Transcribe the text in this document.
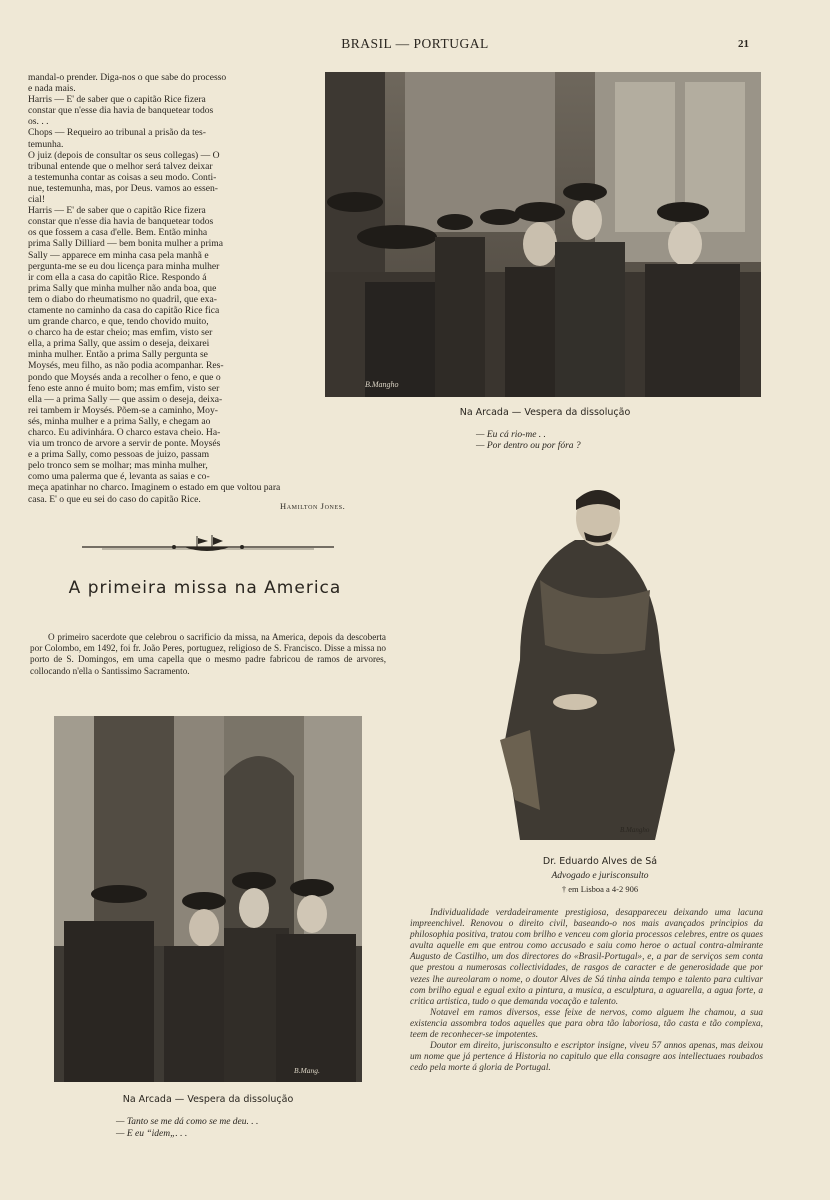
BRASIL — PORTUGAL	21

mandal-o prender. Diga-nos o que sabe do processo

e nada mais.

Harris — E' de saber que o capitão Rice fizera

constar que n'esse dia havia de banquetear todos

os. . .

Chops — Requeiro ao tribunal a prisão da tes-

temunha.

O juiz (depois de consultar os seus collegas) — O

tribunal entende que o melhor será talvez deixar

a testemunha contar as coisas a seu modo. Conti-

nue, testemunha, mas, por Deus. vamos ao essen-

cial!

Harris — E' de saber que o capitão Rice fizera

constar que n'esse dia havia de banquetear todos

os que fossem a casa d'elle. Bem. Então minha

prima Sally Dilliard — bem bonita mulher a prima

Sally — apparece em minha casa pela manhã e

pergunta-me se eu dou licença para minha mulher

ir com ella a casa do capitão Rice. Respondo á

prima Sally que minha mulher não anda boa, que

tem o diabo do rheumatismo no quadril, que exa-

ctamente no caminho da casa do capitão Rice fica

um grande charco, e que, tendo chovido muito,

o charco ha de estar cheio; mas emfim, visto ser

ella, a prima Sally, que assim o deseja, deixarei

minha mulher. Então a prima Sally pergunta se

Moysés, meu filho, as não podia acompanhar. Res-

pondo que Moysés anda a recolher o feno, e que o

feno este anno é muito bom; mas emfim, visto ser

ella — a prima Sally — que assim o deseja, deixa-

rei tambem ir Moysés. Põem-se a caminho, Moy-

sés, minha mulher e a prima Sally, e chegam ao

charco. Eu adivinhára. O charco estava cheio. Ha-

via um tronco de arvore a servir de ponte. Moysés

e a prima Sally, como pessoas de juizo, passam

pelo tronco sem se molhar; mas minha mulher,

como uma palerma que é, levanta as saias e co-

meça apatinhar no charco. Imaginem o estado em que voltou para

casa. E' o que eu sei do caso do capitão Rice.

Hamilton Jones.
A primeira missa na America
O primeiro sacerdote que celebrou o sacrificio da missa, na America, depois da descoberta por Colombo, em 1492, foi fr. João Peres, portuguez, religioso de S. Francisco. Disse a missa no porto de S. Domingos, em uma capella que o mesmo padre fabricou de ramos de arvores, collocando n'ella o Santissimo Sacramento.
B.Mangho
Na Arcada — Vespera da dissolução
— Eu cá rio-me . .
— Por dentro ou por fóra ?
B.Mangho
Dr. Eduardo Alves de Sá
Advogado e jurisconsulto
† em Lisboa a 4-2 906

Individualidade verdadeiramente prestigiosa, desappareceu deixando uma lacuna impreenchivel. Renovou o direito civil, baseando-o nos mais avançados principios da philosophia positiva, tratou com brilho e venceu com gloria processos celebres, entre os quaes avulta aquelle em que entrou como accusado e saiu como heroe o actual contra-almirante Augusto de Castilho, um dos directores do «Brasil-Portugal», e, a par de serviços sem conta que prestou a numerosas collectividades, de rasgos de caracter e de generosidade que por vezes lhe aureolaram o nome, o doutor Alves de Sá tinha ainda tempo e talento para cultivar com brilho egual e egual exito a pintura, a musica, a esculptura, a aguarella, a agua forte, a critica artistica, tudo o que demanda vocação e talento.

Notavel em ramos diversos, esse feixe de nervos, como alguem lhe chamou, a sua existencia assombra todos aquelles que para obra tão laboriosa, tão casta e tão complexa, teem de reconhecer-se impotentes.

Doutor em direito, jurisconsulto e escriptor insigne, viveu 57 annos apenas, mas deixou um nome que já pertence á Historia no capitulo que ella consagre aos intellectuaes roubados cedo pela morte á gloria de Portugal.

B.Mang.
Na Arcada — Vespera da dissolução
— Tanto se me dá como se me deu. . .
— E eu “idem„. . .
